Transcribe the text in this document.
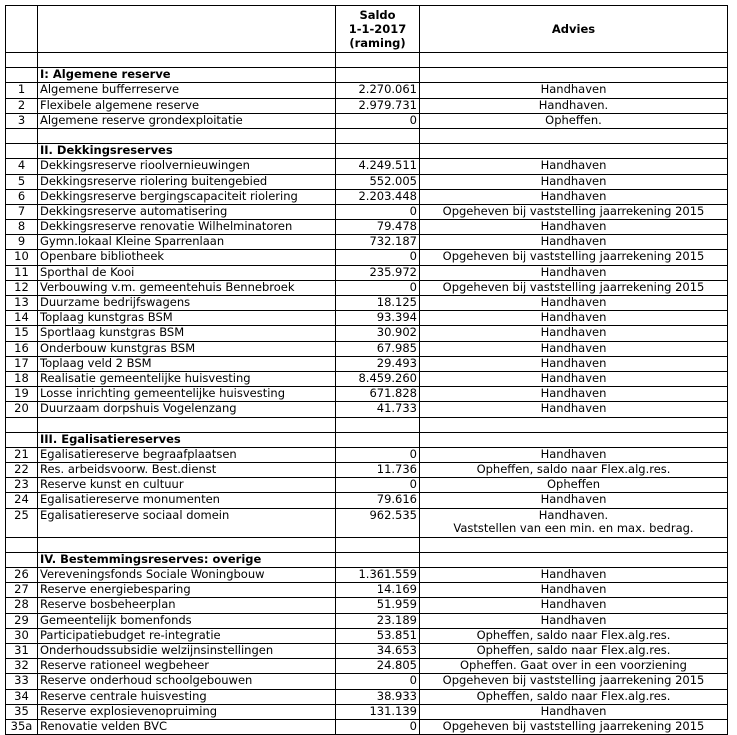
		Saldo
1-1-2017
(raming)	Advies

	I: Algemene reserve		
1	Algemene bufferreserve	2.270.061	Handhaven
2	Flexibele algemene reserve	2.979.731	Handhaven.
3	Algemene reserve grondexploitatie	0	Opheffen.

	II. Dekkingsreserves		
4	Dekkingsreserve rioolvernieuwingen	4.249.511	Handhaven
5	Dekkingsreserve riolering buitengebied	552.005	Handhaven
6	Dekkingsreserve bergingscapaciteit riolering	2.203.448	Handhaven
7	Dekkingsreserve automatisering	0	Opgeheven bij vaststelling jaarrekening 2015
8	Dekkingsreserve renovatie Wilhelminatoren	79.478	Handhaven
9	Gymn.lokaal Kleine Sparrenlaan	732.187	Handhaven
10	Openbare bibliotheek	0	Opgeheven bij vaststelling jaarrekening 2015
11	Sporthal de Kooi	235.972	Handhaven
12	Verbouwing v.m. gemeentehuis Bennebroek	0	Opgeheven bij vaststelling jaarrekening 2015
13	Duurzame bedrijfswagens	18.125	Handhaven
14	Toplaag kunstgras BSM	93.394	Handhaven
15	Sportlaag kunstgras BSM	30.902	Handhaven
16	Onderbouw kunstgras BSM	67.985	Handhaven
17	Toplaag veld 2 BSM	29.493	Handhaven
18	Realisatie gemeentelijke huisvesting	8.459.260	Handhaven
19	Losse inrichting gemeentelijke huisvesting	671.828	Handhaven
20	Duurzaam dorpshuis Vogelenzang	41.733	Handhaven

	III. Egalisatiereserves		
21	Egalisatiereserve begraafplaatsen	0	Handhaven
22	Res. arbeidsvoorw. Best.dienst	11.736	Opheffen, saldo naar Flex.alg.res.
23	Reserve kunst en cultuur	0	Opheffen
24	Egalisatiereserve monumenten	79.616	Handhaven
25	Egalisatiereserve sociaal domein	962.535	Handhaven.
Vaststellen van een min. en max. bedrag.

	IV. Bestemmingsreserves: overige		
26	Vereveningsfonds Sociale Woningbouw	1.361.559	Handhaven
27	Reserve energiebesparing	14.169	Handhaven
28	Reserve bosbeheerplan	51.959	Handhaven
29	Gemeentelijk bomenfonds	23.189	Handhaven
30	Participatiebudget re-integratie	53.851	Opheffen, saldo naar Flex.alg.res.
31	Onderhoudssubsidie welzijnsinstellingen	34.653	Opheffen, saldo naar Flex.alg.res.
32	Reserve rationeel wegbeheer	24.805	Opheffen. Gaat over in een voorziening
33	Reserve onderhoud schoolgebouwen	0	Opgeheven bij vaststelling jaarrekening 2015
34	Reserve centrale huisvesting	38.933	Opheffen, saldo naar Flex.alg.res.
35	Reserve explosievenopruiming	131.139	Handhaven
35a	Renovatie velden BVC	0	Opgeheven bij vaststelling jaarrekening 2015
